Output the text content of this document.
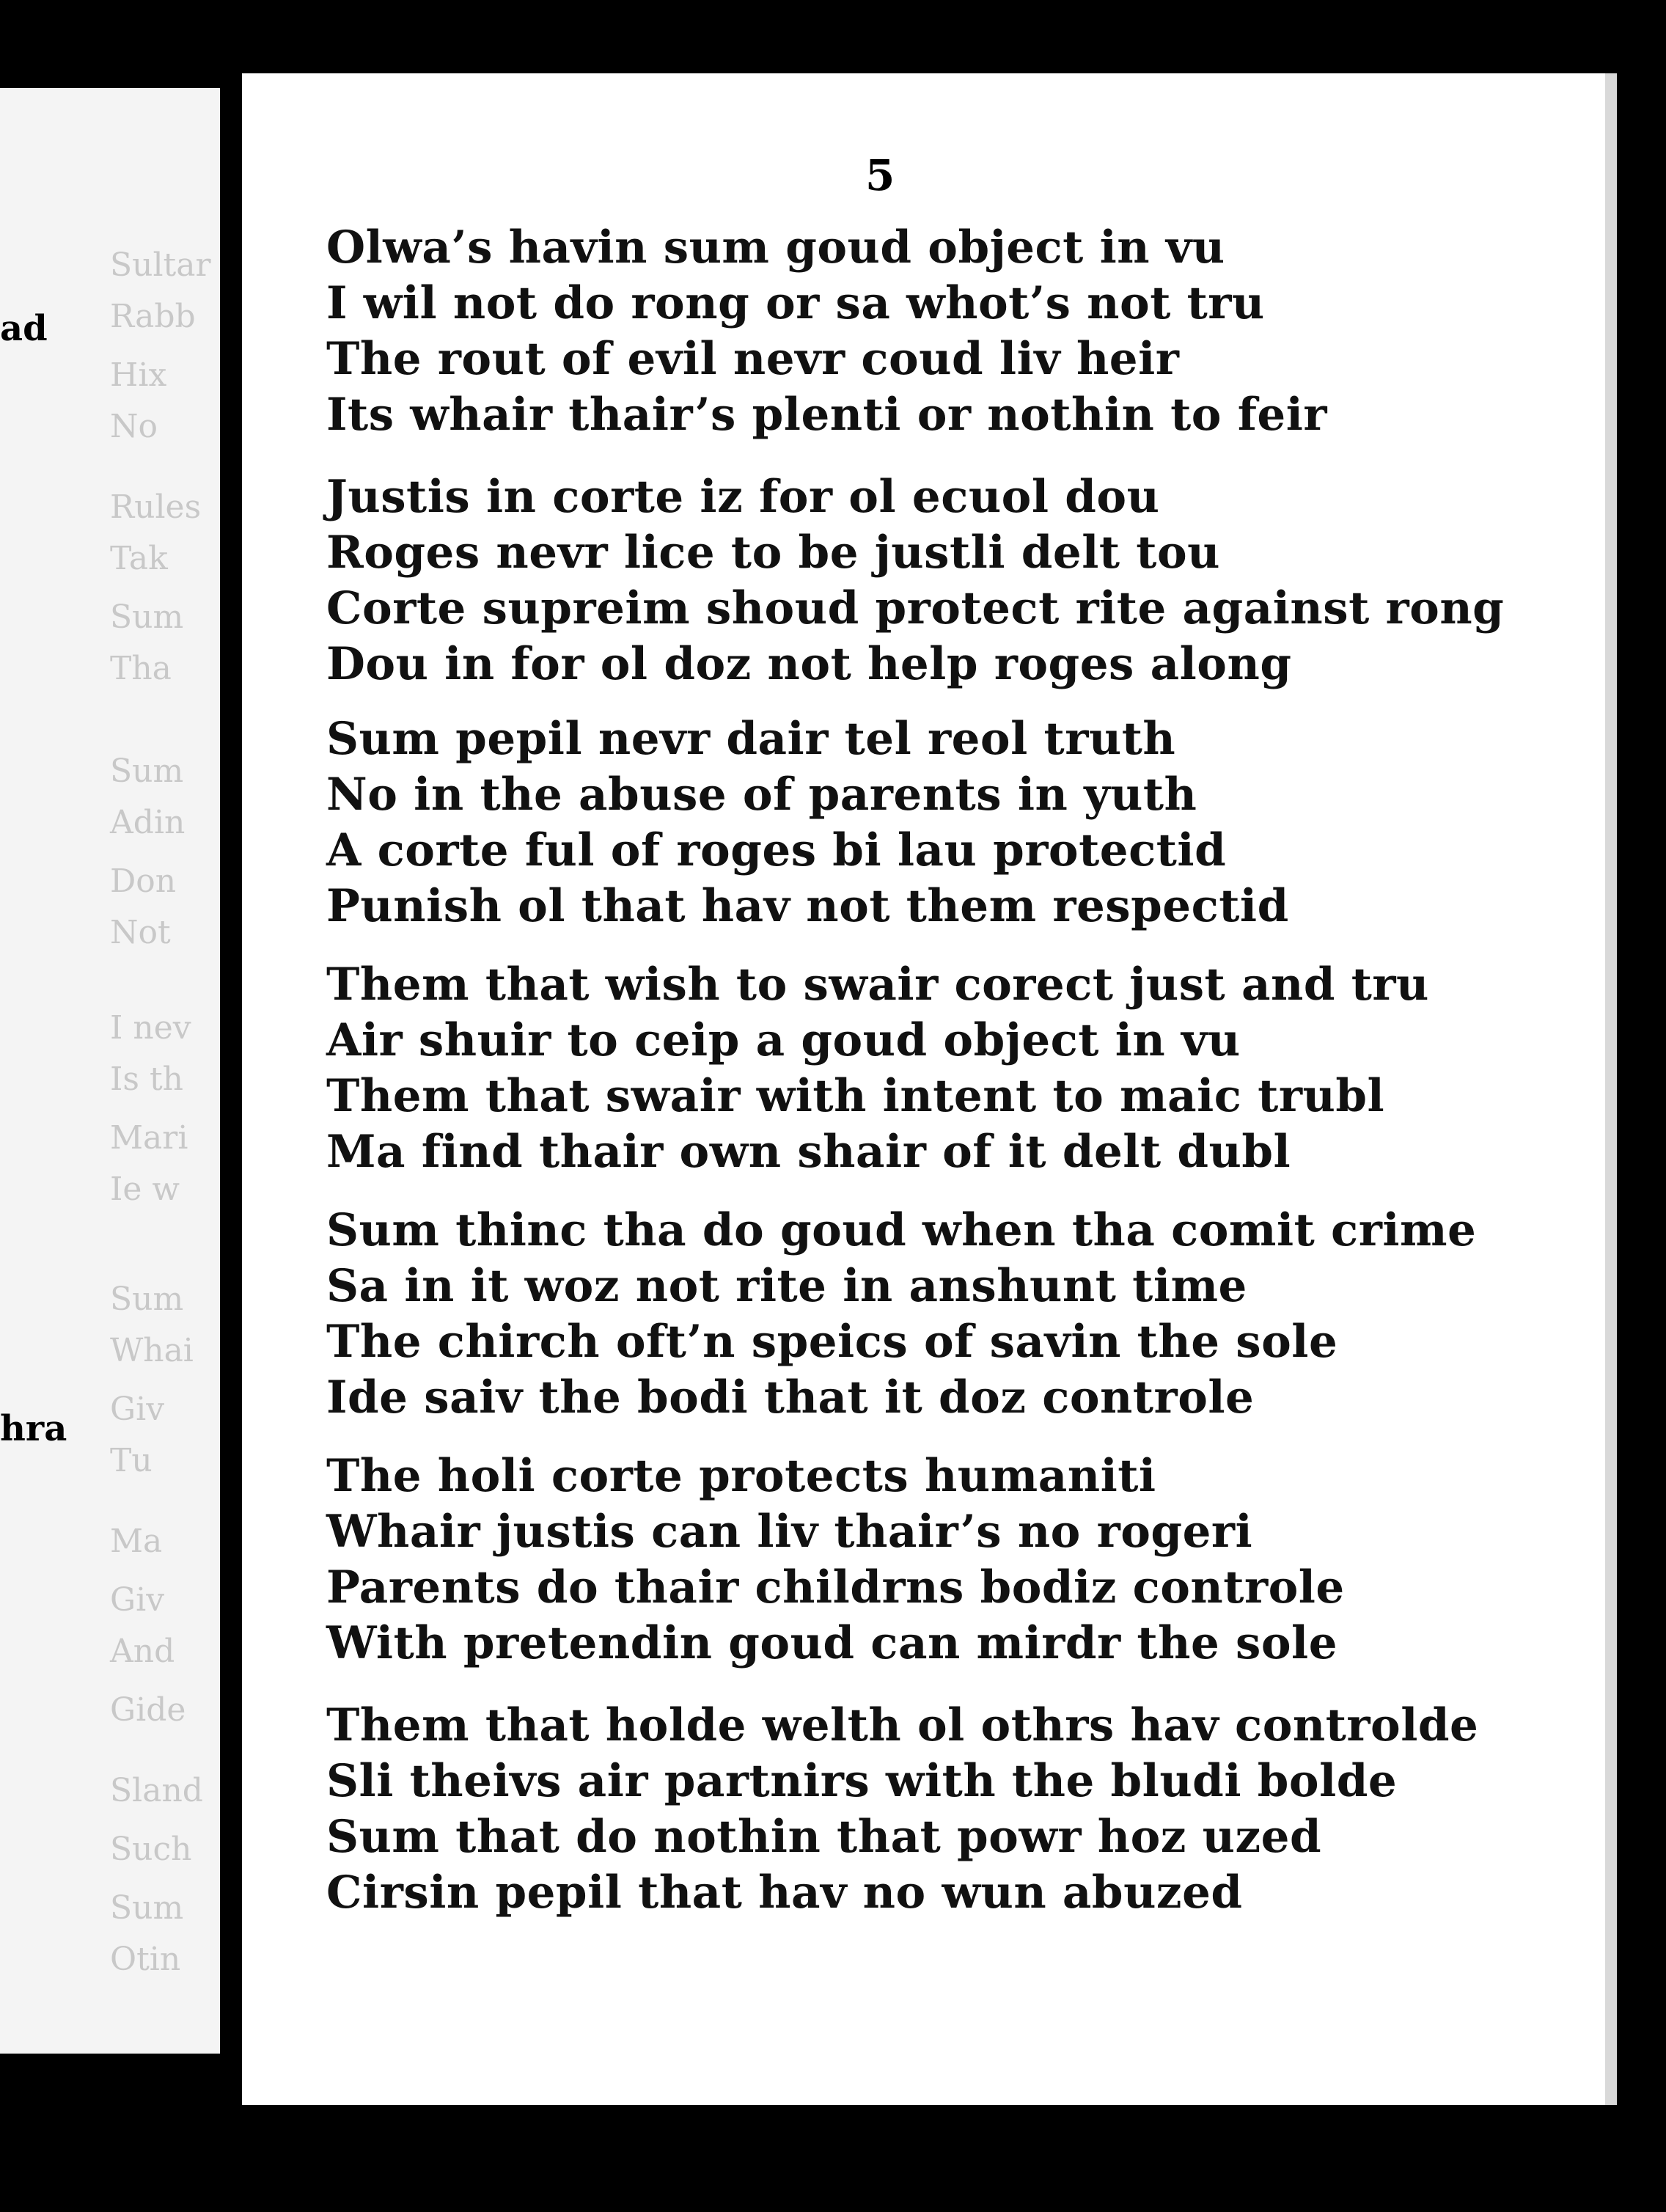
ad
hra
Sultar
Rabb
Hix
No
Rules
Tak
Sum
Tha
Sum
Adin
Don
Not
I nev
Is th
Mari
Ie w
Sum
Whai
Giv
Tu
Ma
Giv
And
Gide
Sland
Such
Sum
Otin
5
Olwa’s havin sum goud object in vu
I wil not do rong or sa whot’s not tru
The rout of evil nevr coud liv heir
Its whair thair’s plenti or nothin to feir
Justis in corte iz for ol ecuol dou
Roges nevr lice to be justli delt tou
Corte supreim shoud protect rite against rong
Dou in for ol doz not help roges along
Sum pepil nevr dair tel reol truth
No in the abuse of parents in yuth
A corte ful of roges bi lau protectid
Punish ol that hav not them respectid
Them that wish to swair corect just and tru
Air shuir to ceip a goud object in vu
Them that swair with intent to maic trubl
Ma find thair own shair of it delt dubl
Sum thinc tha do goud when tha comit crime
Sa in it woz not rite in anshunt time
The chirch oft’n speics of savin the sole
Ide saiv the bodi that it doz controle
The holi corte protects humaniti
Whair justis can liv thair’s no rogeri
Parents do thair childrns bodiz controle
With pretendin goud can mirdr the sole
Them that holde welth ol othrs hav controlde
Sli theivs air partnirs with the bludi bolde
Sum that do nothin that powr hoz uzed
Cirsin pepil that hav no wun abuzed
